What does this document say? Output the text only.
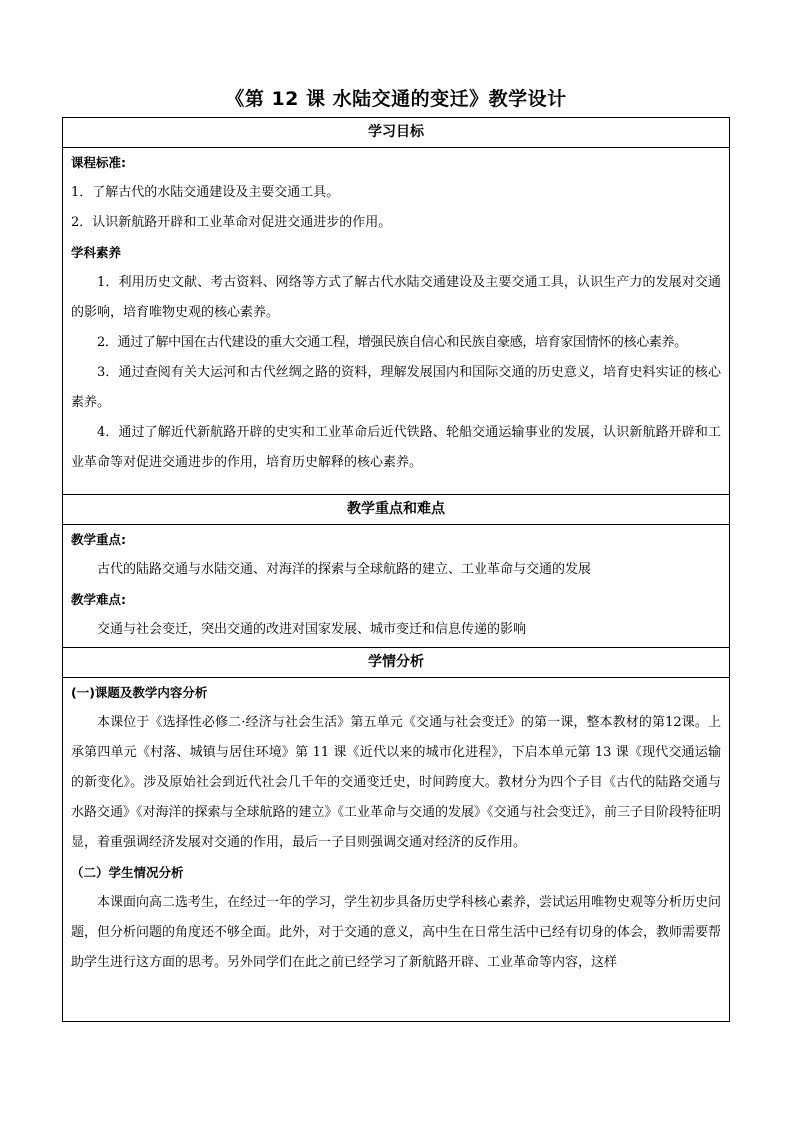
《第 12 课 水陆交通的变迁》教学设计
学习目标

课程标准:

1．了解古代的水陆交通建设及主要交通工具。

2．认识新航路开辟和工业革命对促进交通进步的作用。

学科素养

1．利用历史文献、考古资料、网络等方式了解古代水陆交通建设及主要交通工具，认识生产力的发展对交通的影响，培育唯物史观的核心素养。

2．通过了解中国在古代建设的重大交通工程，增强民族自信心和民族自豪感，培育家国情怀的核心素养。

3．通过查阅有关大运河和古代丝绸之路的资料，理解发展国内和国际交通的历史意义，培育史料实证的核心素养。

4．通过了解近代新航路开辟的史实和工业革命后近代铁路、轮船交通运输事业的发展，认识新航路开辟和工业革命等对促进交通进步的作用，培育历史解释的核心素养。

教学重点和难点

教学重点:

古代的陆路交通与水陆交通、对海洋的探索与全球航路的建立、工业革命与交通的发展

教学难点:

交通与社会变迁，突出交通的改进对国家发展、城市变迁和信息传递的影响

学情分析

(一)课题及教学内容分析

本课位于《选择性必修二·经济与社会生活》第五单元《交通与社会变迁》的第一课，整本教材的第12课。上承第四单元《村落、城镇与居住环境》第 11 课《近代以来的城市化进程》，下启本单元第 13 课《现代交通运输的新变化》。涉及原始社会到近代社会几千年的交通变迁史，时间跨度大。教材分为四个子目《古代的陆路交通与水路交通》《对海洋的探索与全球航路的建立》《工业革命与交通的发展》《交通与社会变迁》，前三子目阶段特征明显，着重强调经济发展对交通的作用，最后一子目则强调交通对经济的反作用。

（二）学生情况分析

本课面向高二选考生，在经过一年的学习，学生初步具备历史学科核心素养，尝试运用唯物史观等分析历史问题，但分析问题的角度还不够全面。此外，对于交通的意义，高中生在日常生活中已经有切身的体会，教师需要帮助学生进行这方面的思考。另外同学们在此之前已经学习了新航路开辟、工业革命等内容，这样
